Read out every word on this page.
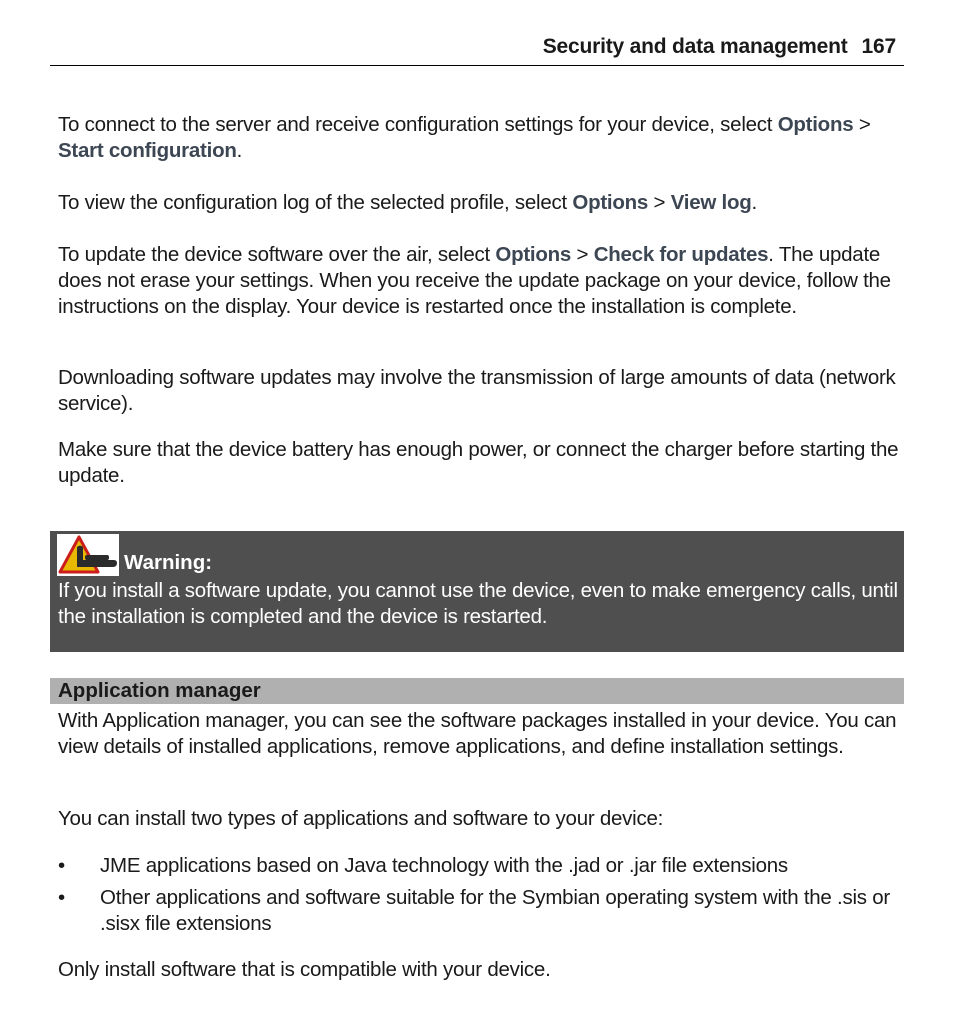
Security and data management 167

To connect to the server and receive configuration settings for your device, select Options > Start configuration.

To view the configuration log of the selected profile, select Options > View log.

To update the device software over the air, select Options > Check for updates. The update does not erase your settings. When you receive the update package on your device, follow the instructions on the display. Your device is restarted once the installation is complete.

Downloading software updates may involve the transmission of large amounts of data (network service).

Make sure that the device battery has enough power, or connect the charger before starting the update.

Warning:

If you install a software update, you cannot use the device, even to make emergency calls, until the installation is completed and the device is restarted.

Application manager

With Application manager, you can see the software packages installed in your device. You can view details of installed applications, remove applications, and define installation settings.

You can install two types of applications and software to your device:

• JME applications based on Java technology with the .jad or .jar file extensions
• Other applications and software suitable for the Symbian operating system with the .sis or .sisx file extensions

Only install software that is compatible with your device.
